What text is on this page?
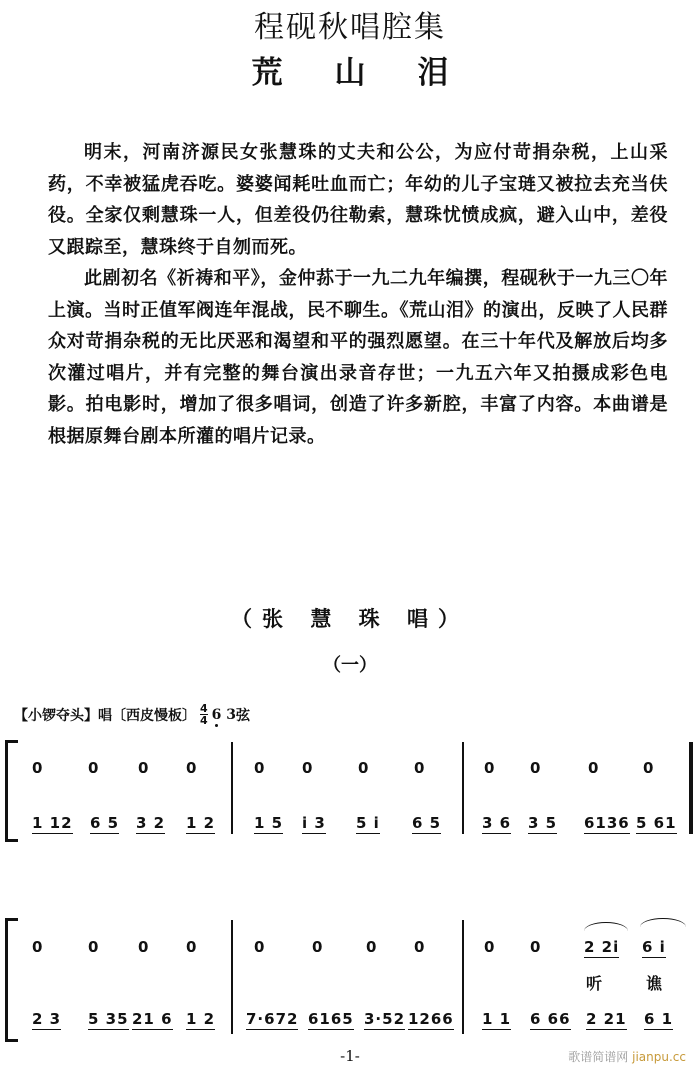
程砚秋唱腔集
荒山泪

明末，河南济源民女张慧珠的丈夫和公公，为应付苛捐杂税，上山采药，不幸被猛虎吞吃。婆婆闻耗吐血而亡；年幼的儿子宝琏又被拉去充当伕役。全家仅剩慧珠一人，但差役仍往勒索，慧珠忧愤成疯，避入山中，差役又跟踪至，慧珠终于自刎而死。

此剧初名《祈祷和平》，金仲荪于一九二九年编撰，程砚秋于一九三〇年上演。当时正值军阀连年混战，民不聊生。《荒山泪》的演出，反映了人民群众对苛捐杂税的无比厌恶和渴望和平的强烈愿望。在三十年代及解放后均多次灌过唱片，并有完整的舞台演出录音存世；一九五六年又拍摄成彩色电影。拍电影时，增加了很多唱词，创造了许多新腔，丰富了内容。本曲谱是根据原舞台剧本所灌的唱片记录。

（张 慧 珠 唱）
（一）
【小锣夺头】唱〔西皮慢板〕 4
4 6
3 弦
0	0	0 0	0 0	0	0	0 0	0	0
1 12 6 5 3 2 1 2	1 5 i 3 5 i 6 5	3 6 3 5 6136 5 61
0	0	0 0	0	0	0 0	0 0	2 2i 6 i
听	谯
2 3 5 35 21 6 1 2 7·672 6165 3·52 1266 1 1 6 66 2 21 6 1
-1-	歌谱简谱网 jianpu.cc
